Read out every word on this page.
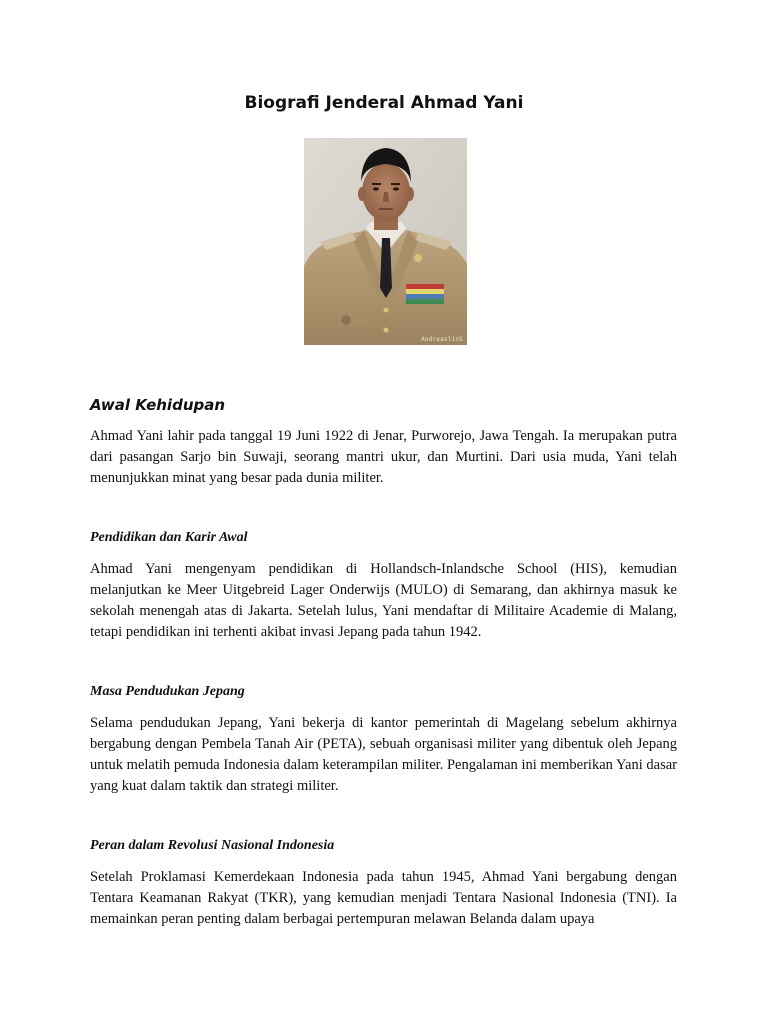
Biografi Jenderal Ahmad Yani
AndreaslinS
Awal Kehidupan

Ahmad Yani lahir pada tanggal 19 Juni 1922 di Jenar, Purworejo, Jawa Tengah. Ia merupakan putra dari pasangan Sarjo bin Suwaji, seorang mantri ukur, dan Murtini. Dari usia muda, Yani telah menunjukkan minat yang besar pada dunia militer.

Pendidikan dan Karir Awal

Ahmad Yani mengenyam pendidikan di Hollandsch-Inlandsche School (HIS), kemudian melanjutkan ke Meer Uitgebreid Lager Onderwijs (MULO) di Semarang, dan akhirnya masuk ke sekolah menengah atas di Jakarta. Setelah lulus, Yani mendaftar di Militaire Academie di Malang, tetapi pendidikan ini terhenti akibat invasi Jepang pada tahun 1942.

Masa Pendudukan Jepang

Selama pendudukan Jepang, Yani bekerja di kantor pemerintah di Magelang sebelum akhirnya bergabung dengan Pembela Tanah Air (PETA), sebuah organisasi militer yang dibentuk oleh Jepang untuk melatih pemuda Indonesia dalam keterampilan militer. Pengalaman ini memberikan Yani dasar yang kuat dalam taktik dan strategi militer.

Peran dalam Revolusi Nasional Indonesia

Setelah Proklamasi Kemerdekaan Indonesia pada tahun 1945, Ahmad Yani bergabung dengan Tentara Keamanan Rakyat (TKR), yang kemudian menjadi Tentara Nasional Indonesia (TNI). Ia memainkan peran penting dalam berbagai pertempuran melawan Belanda dalam upaya
